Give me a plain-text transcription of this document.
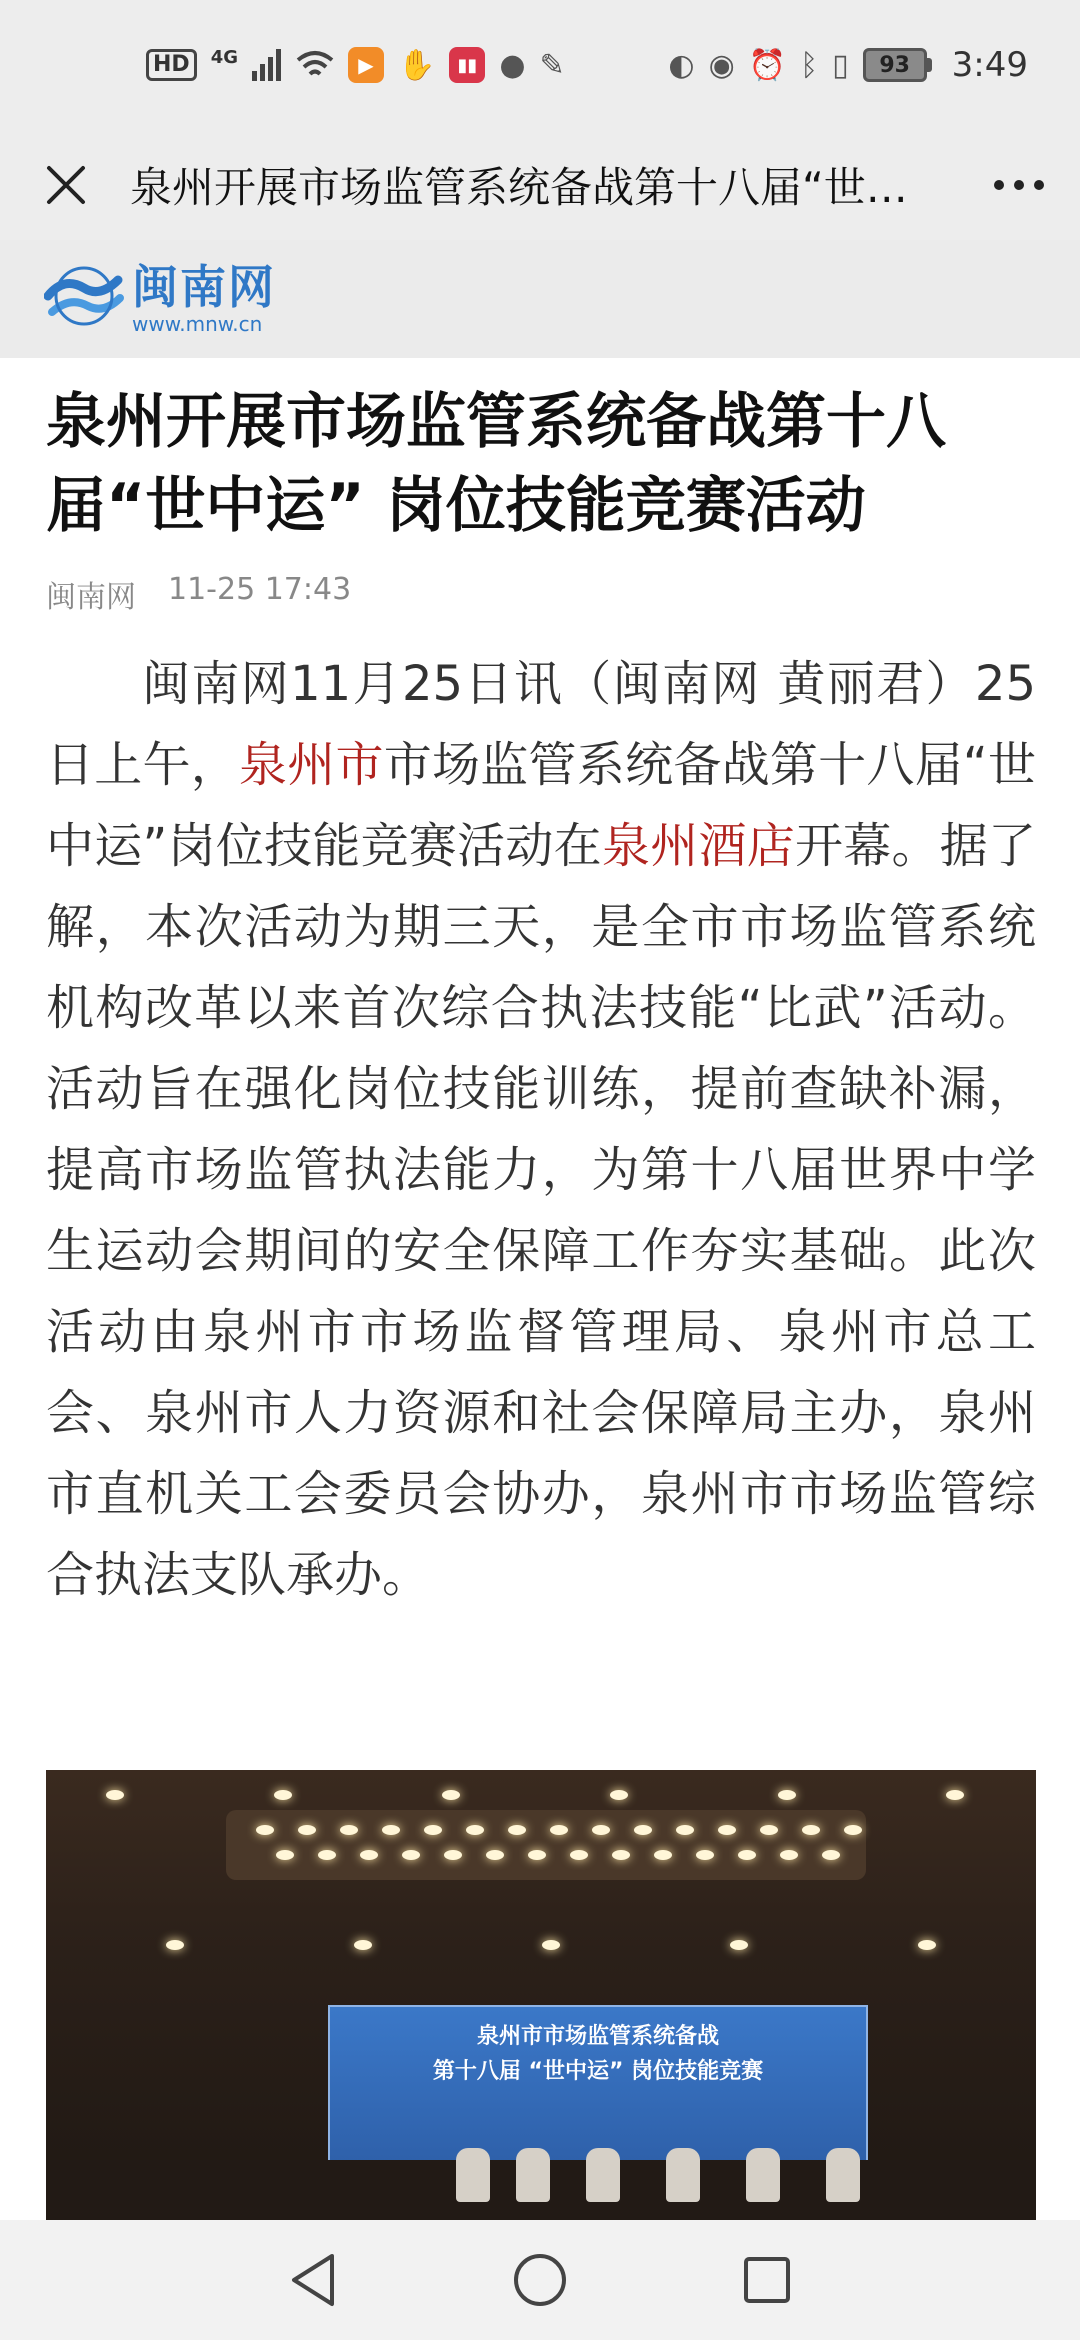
HD	4G	▶ ✋	▮▮ ● ✎	◐ ◉ ⏰ ᛒ ▯	93	3:49
泉州开展市场监管系统备战第十八届“世…
闽南网
www.mnw.cn
泉州开展市场监管系统备战第十八届“世中运” 岗位技能竞赛活动
闽南网 11-25 17:43

闽南网11月25日讯（闽南网 黄丽君）25日上午，泉州市市场监管系统备战第十八届“世中运”岗位技能竞赛活动在泉州酒店开幕。据了解，本次活动为期三天，是全市市场监管系统机构改革以来首次综合执法技能“比武”活动。活动旨在强化岗位技能训练，提前查缺补漏，提高市场监管执法能力，为第十八届世界中学生运动会期间的安全保障工作夯实基础。此次活动由泉州市市场监督管理局、泉州市总工会、泉州市人力资源和社会保障局主办，泉州市直机关工会委员会协办，泉州市市场监管综合执法支队承办。

泉州市市场监管系统备战
第十八届 “世中运” 岗位技能竞赛
